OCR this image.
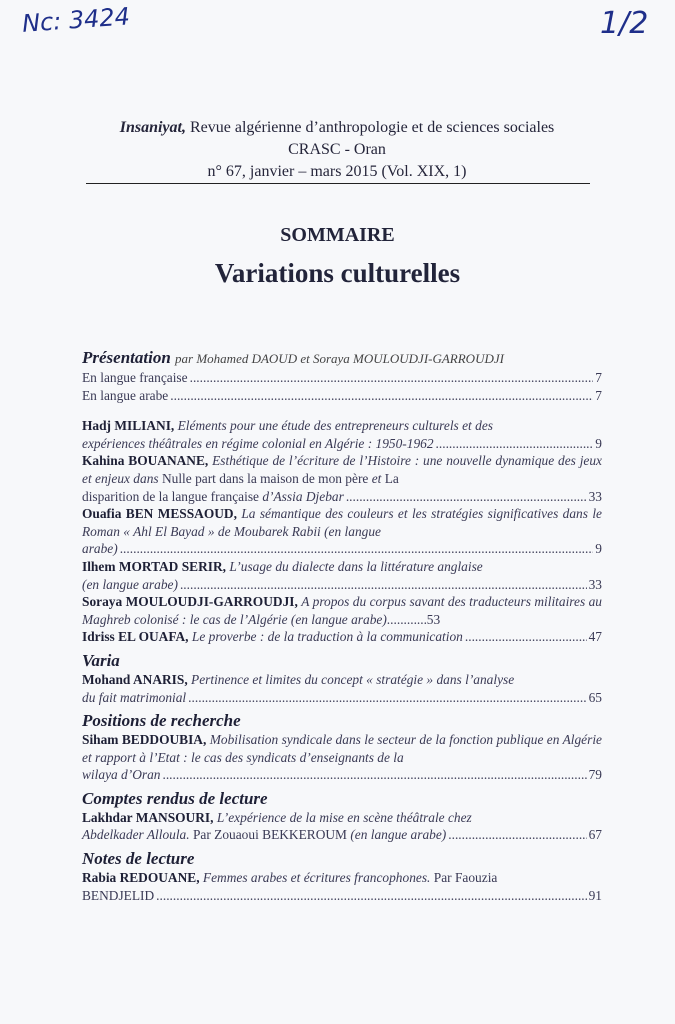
Nc: 3424	1/2
Insaniyat, Revue algérienne d’anthropologie et de sciences sociales
CRASC - Oran
n° 67, janvier – mars 2015 (Vol. XIX, 1)
SOMMAIRE
Variations culturelles
Présentation par Mohamed DAOUD et Soraya MOULOUDJI-GARROUDJI
En langue française .....	7
En langue arabe .....	7
Hadj MILIANI, Eléments pour une étude des entrepreneurs culturels et des
expériences théâtrales en régime colonial en Algérie : 1950-1962 .....	9
Kahina BOUANANE, Esthétique de l’écriture de l’Histoire : une nouvelle dynamique des jeux et enjeux dans Nulle part dans la maison de mon père et La
disparition de la langue française
d’Assia Djebar .....	33
Ouafia BEN MESSAOUD, La sémantique des couleurs et les stratégies significatives dans le Roman « Ahl El Bayad » de Moubarek Rabii (en langue
arabe) .....	9
Ilhem MORTAD SERIR, L’usage du dialecte dans la littérature anglaise
(en langue arabe) .....	33
Soraya MOULOUDJI-GARROUDJI, A propos du corpus savant des traducteurs militaires au Maghreb colonisé : le cas de l’Algérie (en langue arabe)............53
Idriss EL OUAFA,
Le proverbe : de la traduction à la communication .....	47
Varia
Mohand ANARIS, Pertinence et limites du concept « stratégie » dans l’analyse
du fait matrimonial .....	65
Positions de recherche
Siham BEDDOUBIA, Mobilisation syndicale dans le secteur de la fonction publique en Algérie et rapport à l’Etat : le cas des syndicats d’enseignants de la
wilaya d’Oran .....	79
Comptes rendus de lecture
Lakhdar MANSOURI, L’expérience de la mise en scène théâtrale chez
Abdelkader Alloula.
Par Zouaoui BEKKEROUM
(en langue arabe) .....	67
Notes de lecture
Rabia REDOUANE, Femmes arabes et écritures francophones. Par Faouzia
BENDJELID .....	91
